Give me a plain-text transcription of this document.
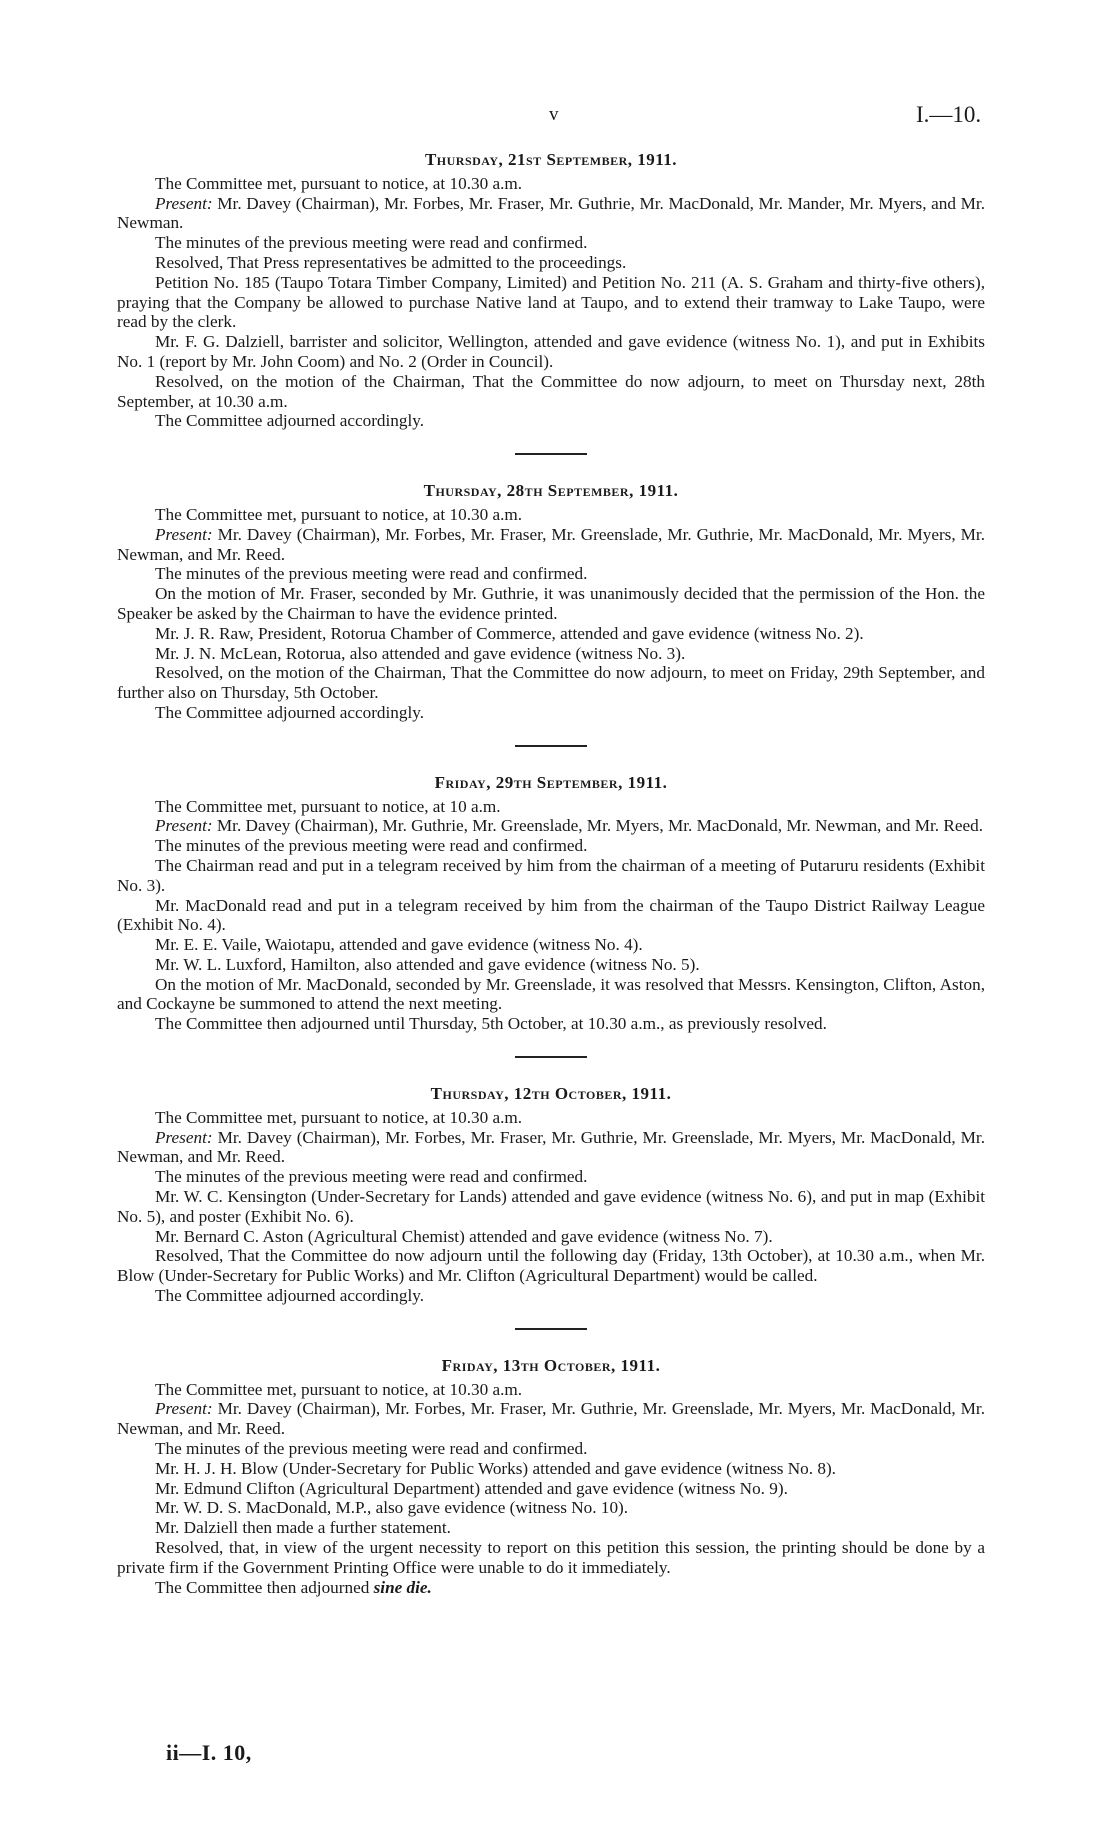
v	I.—10.
Thursday, 21st September, 1911.

The Committee met, pursuant to notice, at 10.30 a.m.

Present: Mr. Davey (Chairman), Mr. Forbes, Mr. Fraser, Mr. Guthrie, Mr. MacDonald, Mr. Mander, Mr. Myers, and Mr. Newman.

The minutes of the previous meeting were read and confirmed.

Resolved, That Press representatives be admitted to the proceedings.

Petition No. 185 (Taupo Totara Timber Company, Limited) and Petition No. 211 (A. S. Graham and thirty-five others), praying that the Company be allowed to purchase Native land at Taupo, and to extend their tramway to Lake Taupo, were read by the clerk.

Mr. F. G. Dalziell, barrister and solicitor, Wellington, attended and gave evidence (witness No. 1), and put in Exhibits No. 1 (report by Mr. John Coom) and No. 2 (Order in Council).

Resolved, on the motion of the Chairman, That the Committee do now adjourn, to meet on Thursday next, 28th September, at 10.30 a.m.

The Committee adjourned accordingly.

Thursday, 28th September, 1911.

The Committee met, pursuant to notice, at 10.30 a.m.

Present: Mr. Davey (Chairman), Mr. Forbes, Mr. Fraser, Mr. Greenslade, Mr. Guthrie, Mr. MacDonald, Mr. Myers, Mr. Newman, and Mr. Reed.

The minutes of the previous meeting were read and confirmed.

On the motion of Mr. Fraser, seconded by Mr. Guthrie, it was unanimously decided that the permission of the Hon. the Speaker be asked by the Chairman to have the evidence printed.

Mr. J. R. Raw, President, Rotorua Chamber of Commerce, attended and gave evidence (witness No. 2).

Mr. J. N. McLean, Rotorua, also attended and gave evidence (witness No. 3).

Resolved, on the motion of the Chairman, That the Committee do now adjourn, to meet on Friday, 29th September, and further also on Thursday, 5th October.

The Committee adjourned accordingly.

Friday, 29th September, 1911.

The Committee met, pursuant to notice, at 10 a.m.

Present: Mr. Davey (Chairman), Mr. Guthrie, Mr. Greenslade, Mr. Myers, Mr. MacDonald, Mr. Newman, and Mr. Reed.

The minutes of the previous meeting were read and confirmed.

The Chairman read and put in a telegram received by him from the chairman of a meeting of Putaruru residents (Exhibit No. 3).

Mr. MacDonald read and put in a telegram received by him from the chairman of the Taupo District Railway League (Exhibit No. 4).

Mr. E. E. Vaile, Waiotapu, attended and gave evidence (witness No. 4).

Mr. W. L. Luxford, Hamilton, also attended and gave evidence (witness No. 5).

On the motion of Mr. MacDonald, seconded by Mr. Greenslade, it was resolved that Messrs. Kensington, Clifton, Aston, and Cockayne be summoned to attend the next meeting.

The Committee then adjourned until Thursday, 5th October, at 10.30 a.m., as previously resolved.

Thursday, 12th October, 1911.

The Committee met, pursuant to notice, at 10.30 a.m.

Present: Mr. Davey (Chairman), Mr. Forbes, Mr. Fraser, Mr. Guthrie, Mr. Greenslade, Mr. Myers, Mr. MacDonald, Mr. Newman, and Mr. Reed.

The minutes of the previous meeting were read and confirmed.

Mr. W. C. Kensington (Under-Secretary for Lands) attended and gave evidence (witness No. 6), and put in map (Exhibit No. 5), and poster (Exhibit No. 6).

Mr. Bernard C. Aston (Agricultural Chemist) attended and gave evidence (witness No. 7).

Resolved, That the Committee do now adjourn until the following day (Friday, 13th October), at 10.30 a.m., when Mr. Blow (Under-Secretary for Public Works) and Mr. Clifton (Agricultural Department) would be called.

The Committee adjourned accordingly.

Friday, 13th October, 1911.

The Committee met, pursuant to notice, at 10.30 a.m.

Present: Mr. Davey (Chairman), Mr. Forbes, Mr. Fraser, Mr. Guthrie, Mr. Greenslade, Mr. Myers, Mr. MacDonald, Mr. Newman, and Mr. Reed.

The minutes of the previous meeting were read and confirmed.

Mr. H. J. H. Blow (Under-Secretary for Public Works) attended and gave evidence (witness No. 8).

Mr. Edmund Clifton (Agricultural Department) attended and gave evidence (witness No. 9).

Mr. W. D. S. MacDonald, M.P., also gave evidence (witness No. 10).

Mr. Dalziell then made a further statement.

Resolved, that, in view of the urgent necessity to report on this petition this session, the printing should be done by a private firm if the Government Printing Office were unable to do it immediately.

The Committee then adjourned sine die.

ii—I. 10,
